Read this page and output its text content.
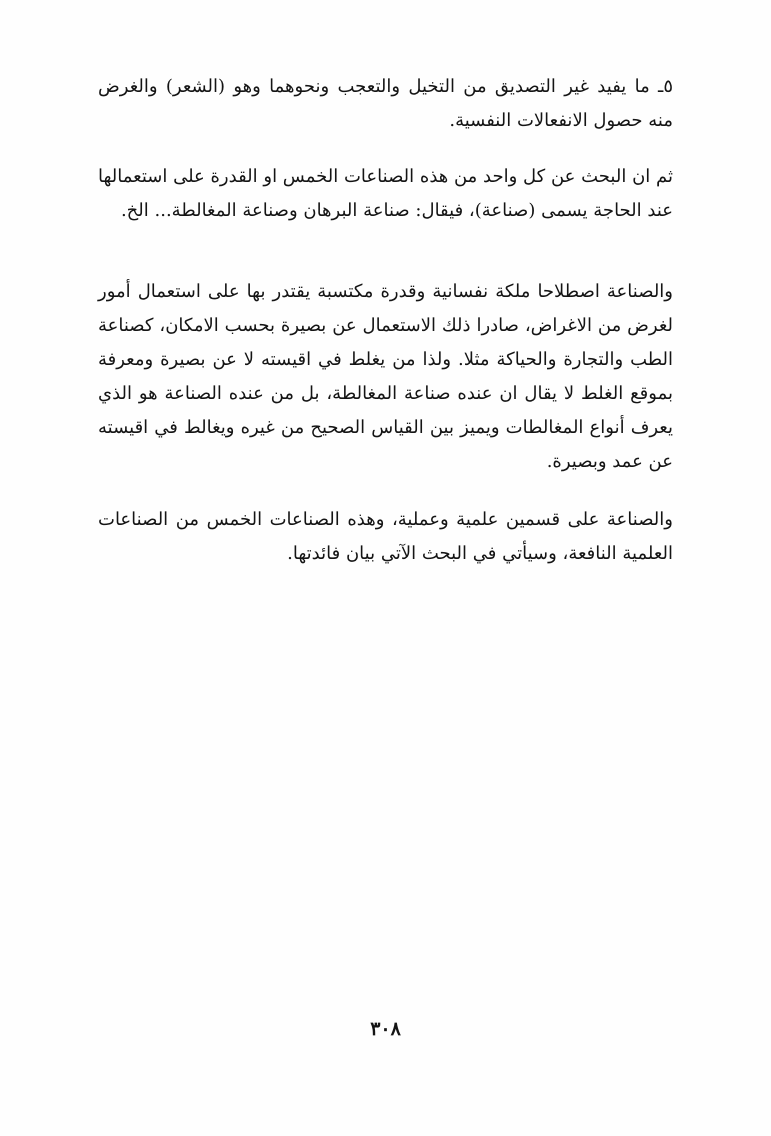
٥ـ ما يفيد غير التصديق من التخيل والتعجب ونحوهما وهو (الشعر) والغرض منه حصول الانفعالات النفسية.

ثم ان البحث عن كل واحد من هذه الصناعات الخمس او القدرة على استعمالها عند الحاجة يسمى (صناعة)، فيقال: صناعة البرهان وصناعة المغالطة... الخ.

والصناعة اصطلاحا ملكة نفسانية وقدرة مكتسبة يقتدر بها على استعمال أمور لغرض من الاغراض، صادرا ذلك الاستعمال عن بصيرة بحسب الامكان، كصناعة الطب والتجارة والحياكة مثلا. ولذا من يغلط في اقيسته لا عن بصيرة ومعرفة بموقع الغلط لا يقال ان عنده صناعة المغالطة، بل من عنده الصناعة هو الذي يعرف أنواع المغالطات ويميز بين القياس الصحيح من غيره ويغالط في اقيسته عن عمد وبصيرة.

والصناعة على قسمين علمية وعملية، وهذه الصناعات الخمس من الصناعات العلمية النافعة، وسيأتي في البحث الآتي بيان فائدتها.

٣٠٨
